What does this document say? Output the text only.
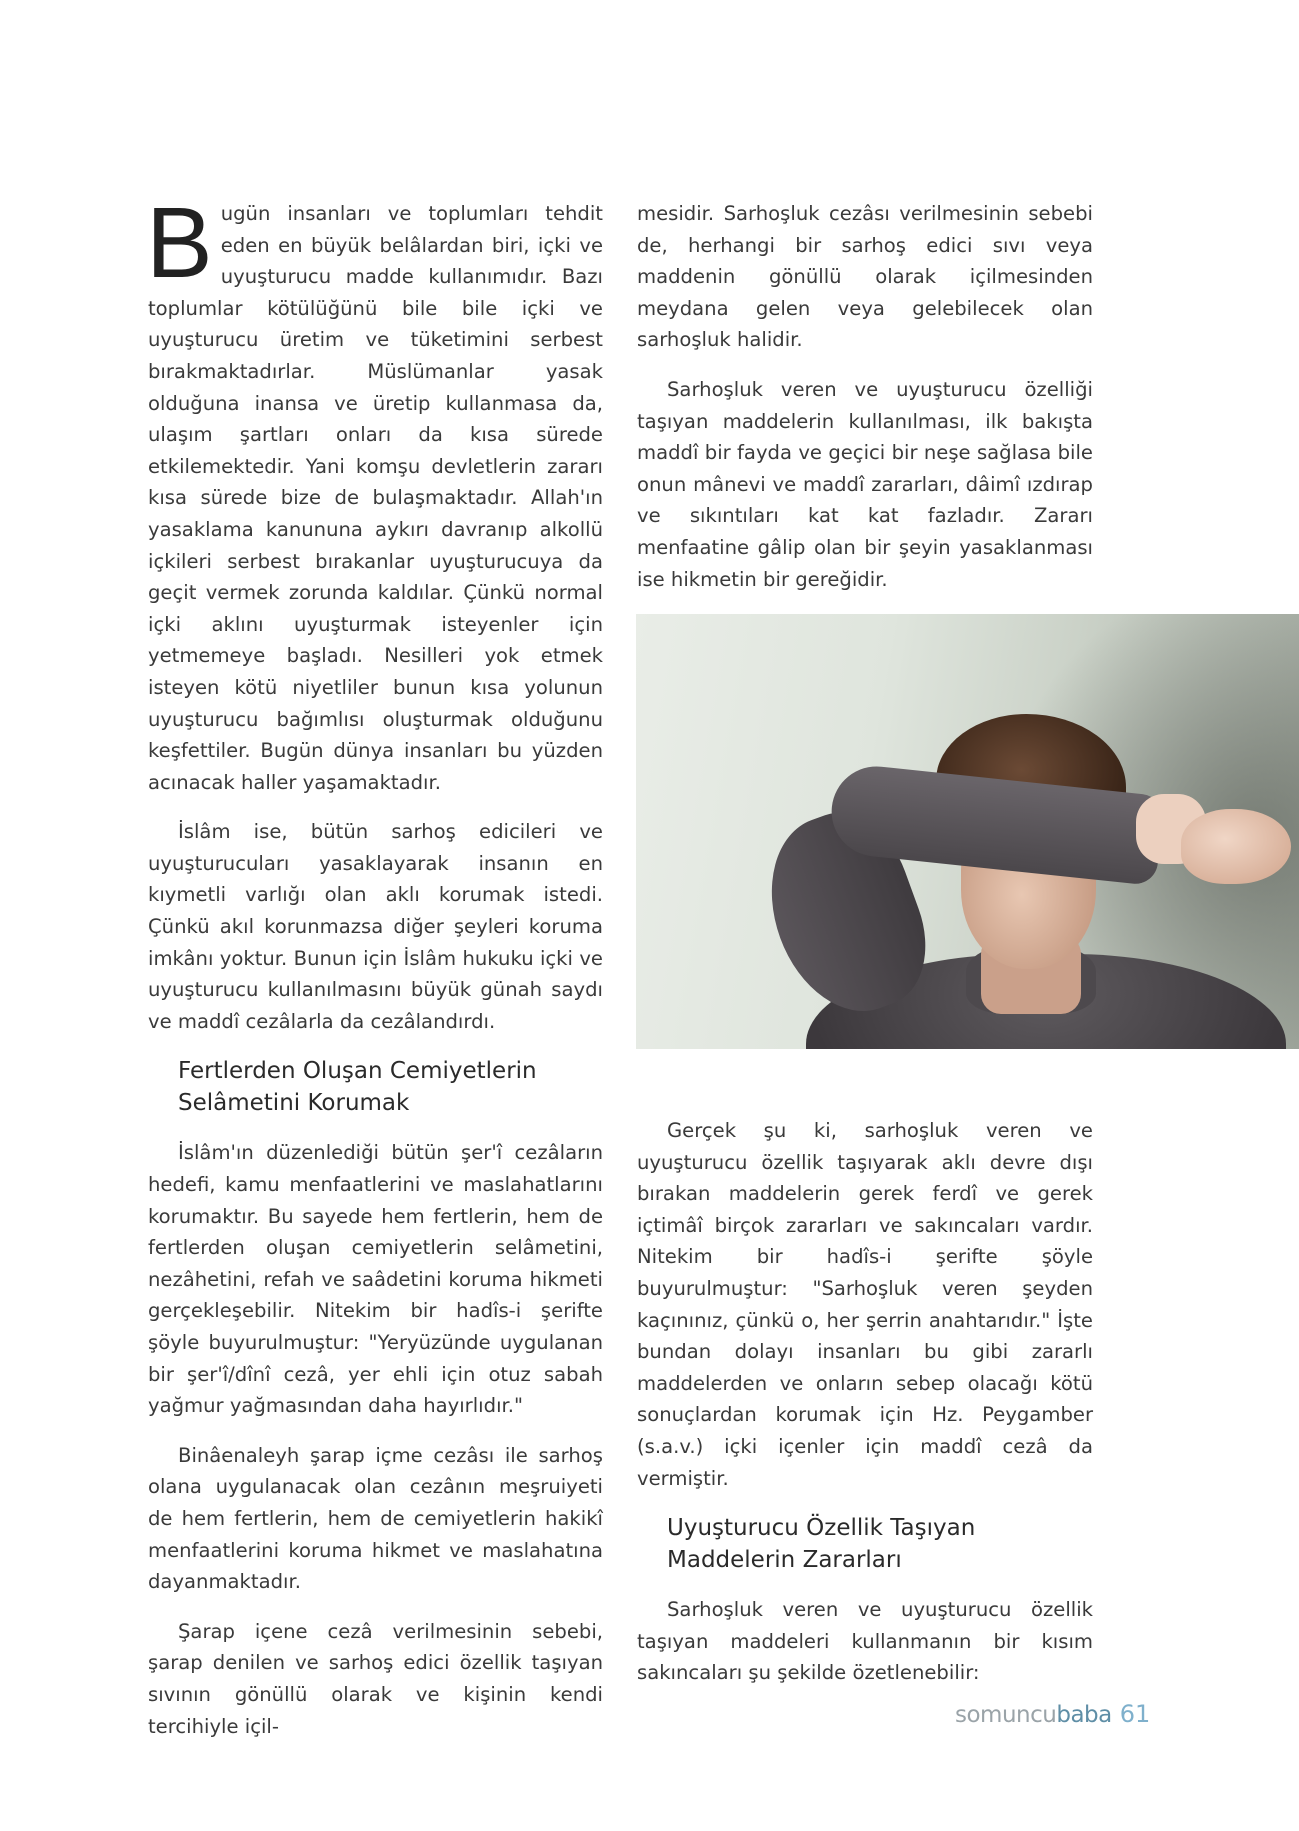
Bugün insanları ve toplumları tehdit eden en büyük belâlardan biri, içki ve uyuşturucu madde kullanımıdır. Bazı toplumlar kötülüğünü bile bile içki ve uyuşturucu üretim ve tüketimini serbest bırakmaktadırlar. Müslümanlar yasak olduğuna inansa ve üretip kullanmasa da, ulaşım şartları onları da kısa sürede etkilemektedir. Yani komşu devletlerin zararı kısa sürede bize de bulaşmaktadır. Allah'ın yasaklama kanununa aykırı davranıp alkollü içkileri serbest bırakanlar uyuşturucuya da geçit vermek zorunda kaldılar. Çünkü normal içki aklını uyuşturmak isteyenler için yetmemeye başladı. Nesilleri yok etmek isteyen kötü niyetliler bunun kısa yolunun uyuşturucu bağımlısı oluşturmak olduğunu keşfettiler. Bugün dünya insanları bu yüzden acınacak haller yaşamaktadır.

İslâm ise, bütün sarhoş edicileri ve uyuşturucuları yasaklayarak insanın en kıymetli varlığı olan aklı korumak istedi. Çünkü akıl korunmazsa diğer şeyleri koruma imkânı yoktur. Bunun için İslâm hukuku içki ve uyuşturucu kullanılmasını büyük günah saydı ve maddî cezâlarla da cezâlandırdı.

Fertlerden Oluşan Cemiyetlerin Selâmetini Korumak

İslâm'ın düzenlediği bütün şer'î cezâların hedefi, kamu menfaatlerini ve maslahatlarını korumaktır. Bu sayede hem fertlerin, hem de fertlerden oluşan cemiyetlerin selâmetini, nezâhetini, refah ve saâdetini koruma hikmeti gerçekleşebilir. Nitekim bir hadîs-i şerifte şöyle buyurulmuştur: "Yeryüzünde uygulanan bir şer'î/dînî cezâ, yer ehli için otuz sabah yağmur yağmasından daha hayırlıdır."

Binâenaleyh şarap içme cezâsı ile sarhoş olana uygulanacak olan cezânın meşruiyeti de hem fertlerin, hem de cemiyetlerin hakikî menfaatlerini koruma hikmet ve maslahatına dayanmaktadır.

Şarap içene cezâ verilmesinin sebebi, şarap denilen ve sarhoş edici özellik taşıyan sıvının gönüllü olarak ve kişinin kendi tercihiyle içil-

mesidir. Sarhoşluk cezâsı verilmesinin sebebi de, herhangi bir sarhoş edici sıvı veya maddenin gönüllü olarak içilmesinden meydana gelen veya gelebilecek olan sarhoşluk halidir.

Sarhoşluk veren ve uyuşturucu özelliği taşıyan maddelerin kullanılması, ilk bakışta maddî bir fayda ve geçici bir neşe sağlasa bile onun mânevi ve maddî zararları, dâimî ızdırap ve sıkıntıları kat kat fazladır. Zararı menfaatine gâlip olan bir şeyin yasaklanması ise hikmetin bir gereğidir.

Gerçek şu ki, sarhoşluk veren ve uyuşturucu özellik taşıyarak aklı devre dışı bırakan maddelerin gerek ferdî ve gerek içtimâî birçok zararları ve sakıncaları vardır. Nitekim bir hadîs-i şerifte şöyle buyurulmuştur: "Sarhoşluk veren şeyden kaçınınız, çünkü o, her şerrin anahtarıdır." İşte bundan dolayı insanları bu gibi zararlı maddelerden ve onların sebep olacağı kötü sonuçlardan korumak için Hz. Peygamber (s.a.v.) içki içenler için maddî cezâ da vermiştir.

Uyuşturucu Özellik Taşıyan Maddelerin Zararları

Sarhoşluk veren ve uyuşturucu özellik taşıyan maddeleri kullanmanın bir kısım sakıncaları şu şekilde özetlenebilir:

somuncubaba 61
